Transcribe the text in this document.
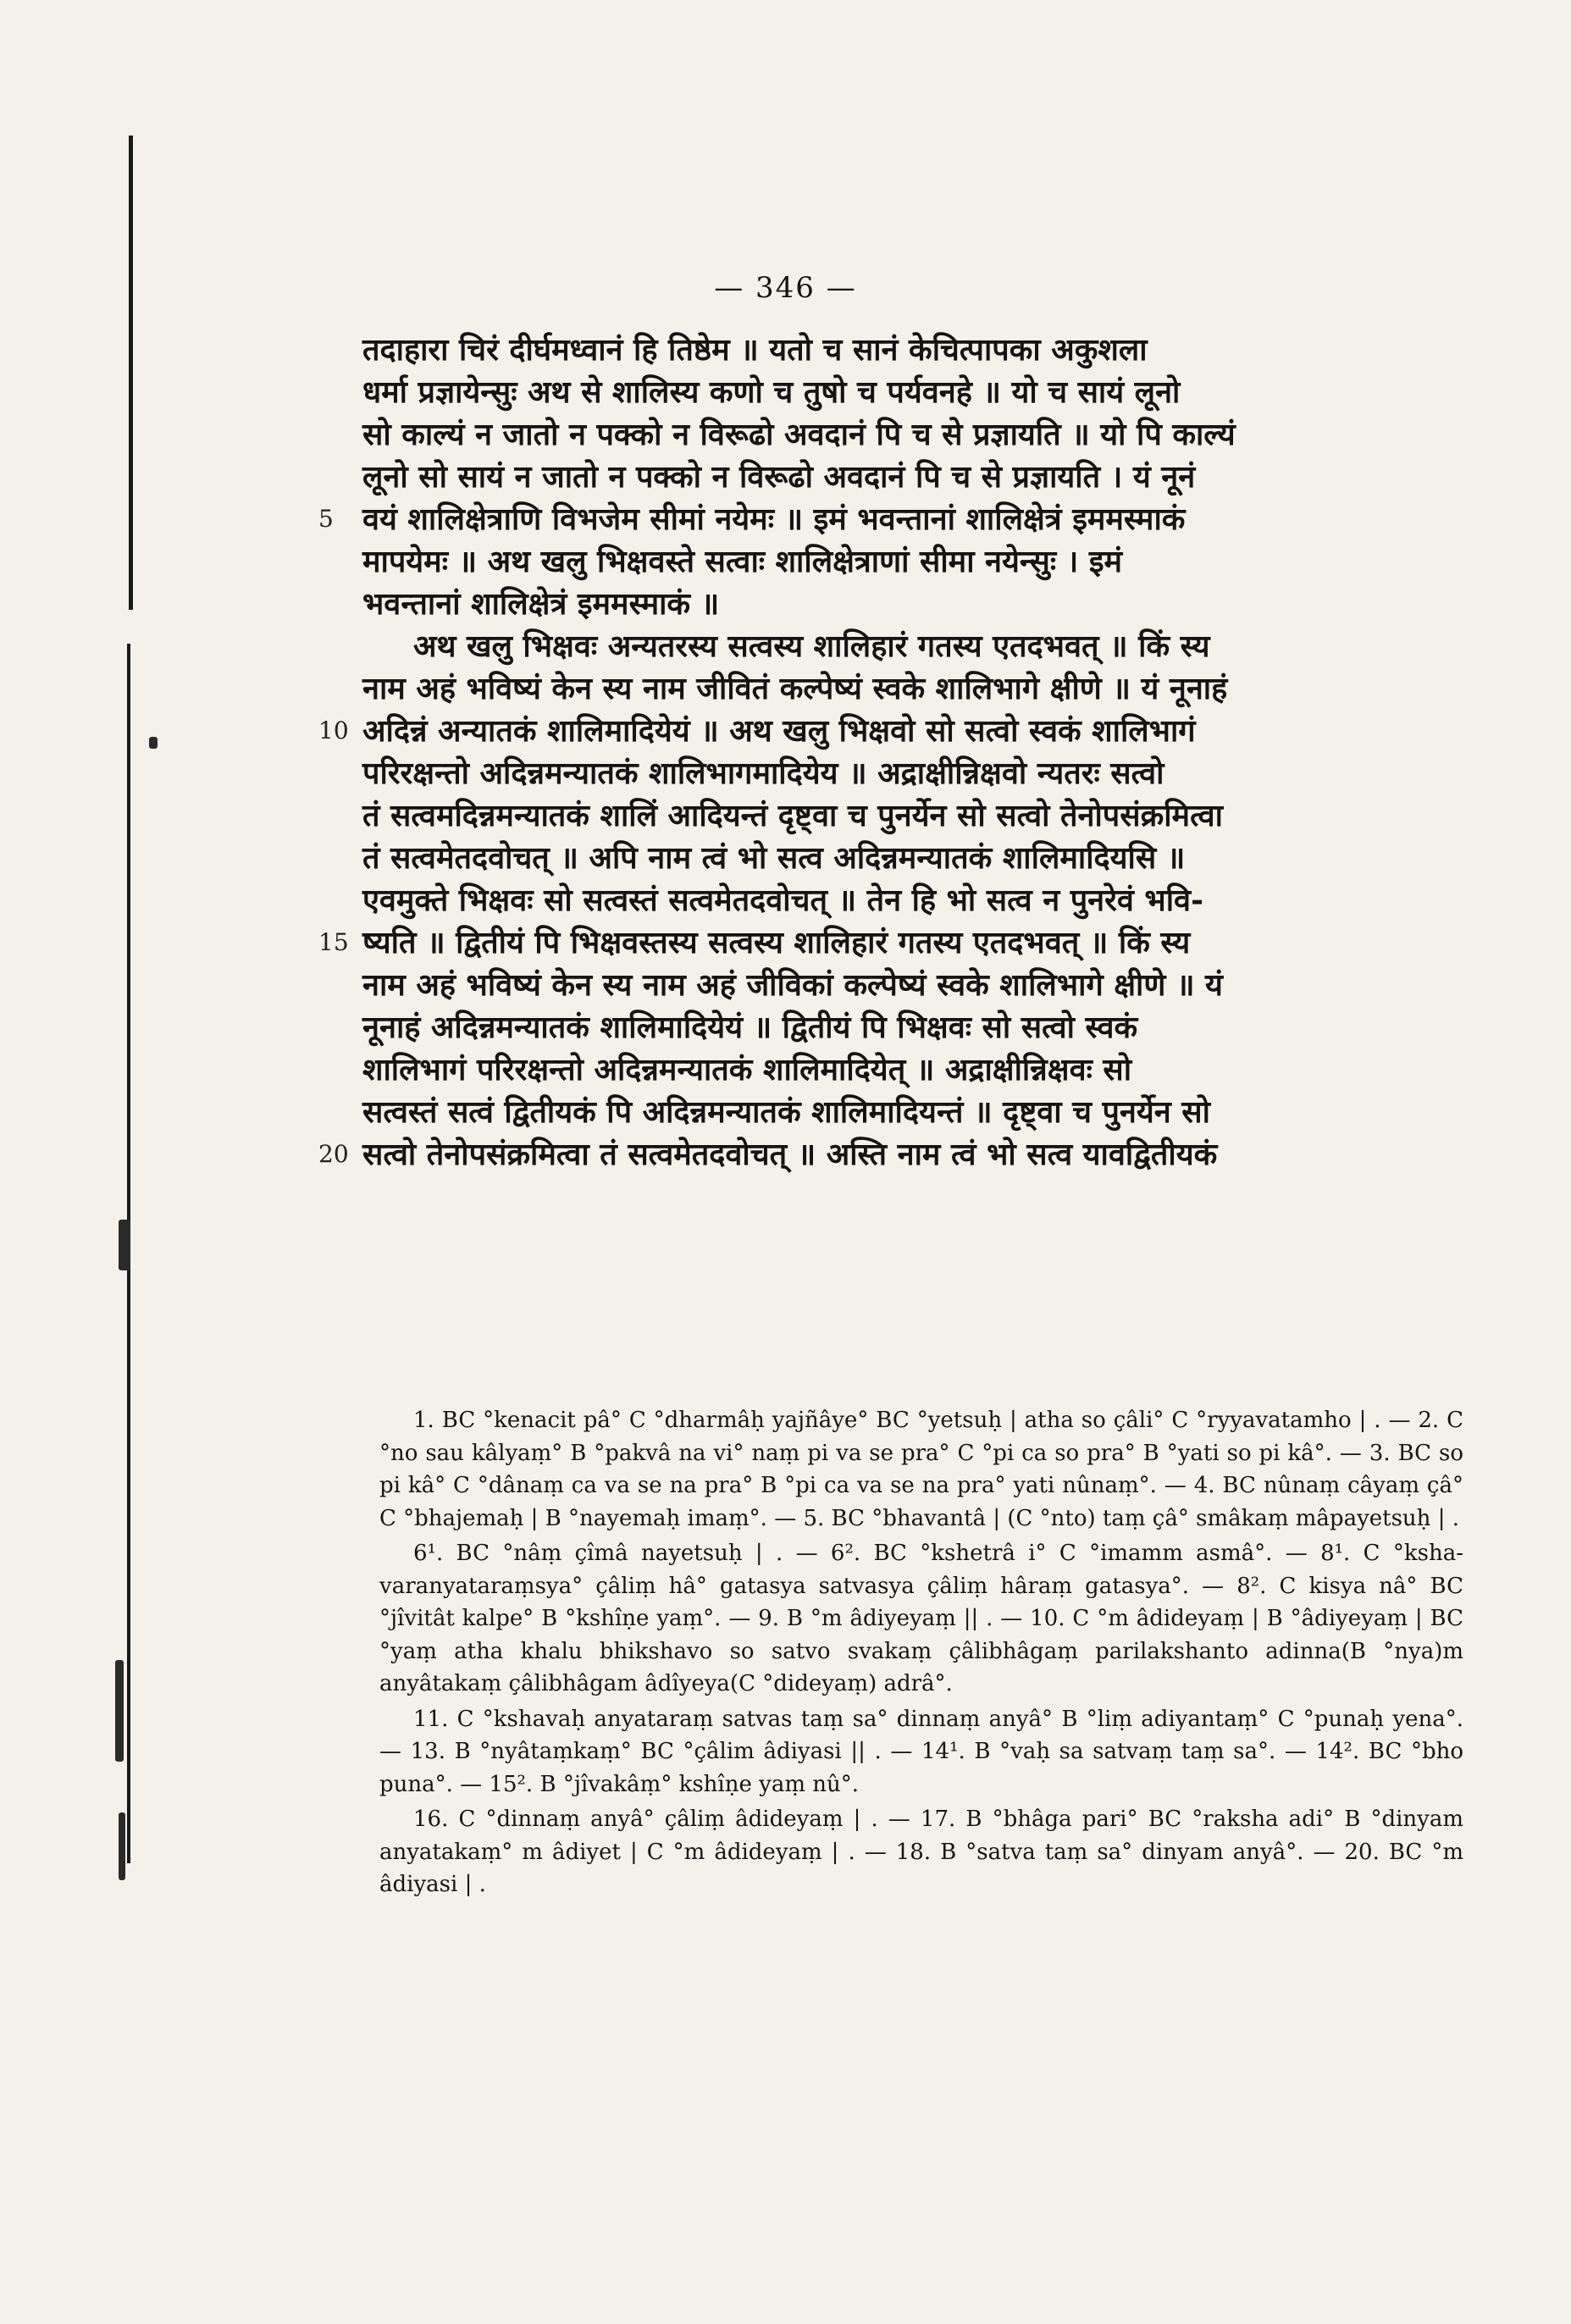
— 346 —
तदाहारा चिरं दीर्घमध्वानं हि तिष्ठेम ॥ यतो च सानं केचित्पापका अकुशला
धर्मा प्रज्ञायेन्सुः अथ से शालिस्य कणो च तुषो च पर्यवनहे ॥ यो च सायं लूनो
सो काल्यं न जातो न पक्को न विरूढो अवदानं पि च से प्रज्ञायति ॥ यो पि काल्यं
लूनो सो सायं न जातो न पक्को न विरूढो अवदानं पि च से प्रज्ञायति । यं नूनं
5 वयं शालिक्षेत्राणि विभजेम सीमां नयेमः ॥ इमं भवन्तानां शालिक्षेत्रं इममस्माकं
मापयेमः ॥ अथ खलु भिक्षवस्ते सत्वाः शालिक्षेत्राणां सीमा नयेन्सुः । इमं
भवन्तानां शालिक्षेत्रं इममस्माकं ॥
अथ खलु भिक्षवः अन्यतरस्य सत्वस्य शालिहारं गतस्य एतदभवत् ॥ किं स्य
नाम अहं भविष्यं केन स्य नाम जीवितं कल्पेष्यं स्वके शालिभागे क्षीणे ॥ यं नूनाहं
10 अदिन्नं अन्यातकं शालिमादियेयं ॥ अथ खलु भिक्षवो सो सत्वो स्वकं शालिभागं
परिरक्षन्तो अदिन्नमन्यातकं शालिभागमादियेय ॥ अद्राक्षीन्निक्षवो न्यतरः सत्वो
तं सत्वमदिन्नमन्यातकं शालिं आदियन्तं दृष्ट्वा च पुनर्येन सो सत्वो तेनोपसंक्रमित्वा
तं सत्वमेतदवोचत् ॥ अपि नाम त्वं भो सत्व अदिन्नमन्यातकं शालिमादियसि ॥
एवमुक्ते भिक्षवः सो सत्वस्तं सत्वमेतदवोचत् ॥ तेन हि भो सत्व न पुनरेवं भवि-
15 ष्यति ॥ द्वितीयं पि भिक्षवस्तस्य सत्वस्य शालिहारं गतस्य एतदभवत् ॥ किं स्य
नाम अहं भविष्यं केन स्य नाम अहं जीविकां कल्पेष्यं स्वके शालिभागे क्षीणे ॥ यं
नूनाहं अदिन्नमन्यातकं शालिमादियेयं ॥ द्वितीयं पि भिक्षवः सो सत्वो स्वकं
शालिभागं परिरक्षन्तो अदिन्नमन्यातकं शालिमादियेत् ॥ अद्राक्षीन्निक्षवः सो
सत्वस्तं सत्वं द्वितीयकं पि अदिन्नमन्यातकं शालिमादियन्तं ॥ दृष्ट्वा च पुनर्येन सो
20 सत्वो तेनोपसंक्रमित्वा तं सत्वमेतदवोचत् ॥ अस्ति नाम त्वं भो सत्व यावद्वितीयकं

1. BC °kenacit pâ° C °dharmâḥ yajñâye° BC °yetsuḥ | atha so çâli° C °ryyavatamho | . — 2. C °no sau kâlyaṃ° B °pakvâ na vi° naṃ pi va se pra° C °pi ca so pra° B °yati so pi kâ°. — 3. BC so pi kâ° C °dânaṃ ca va se na pra° B °pi ca va se na pra° yati nûnaṃ°. — 4. BC nûnaṃ câyaṃ çâ° C °bhajemaḥ | B °nayemaḥ imaṃ°. — 5. BC °bhavantâ | (C °nto) taṃ çâ° smâkaṃ mâpayetsuḥ | .

6¹. BC °nâṃ çîmâ nayetsuḥ | . — 6². BC °kshetrâ i° C °imamm asmâ°. — 8¹. C °ksha-varanyataraṃsya° çâliṃ hâ° gatasya satvasya çâliṃ hâraṃ gatasya°. — 8². C kisya nâ° BC °jîvitât kalpe° B °kshîṇe yaṃ°. — 9. B °m âdiyeyaṃ || . — 10. C °m âdideyaṃ | B °âdiyeyaṃ | BC °yaṃ atha khalu bhikshavo so satvo svakaṃ çâlibhâgaṃ parilakshanto adinna(B °nya)m anyâtakaṃ çâlibhâgam âdîyeya(C °dideyaṃ) adrâ°.

11. C °kshavaḥ anyataraṃ satvas taṃ sa° dinnaṃ anyâ° B °liṃ adiyantaṃ° C °punaḥ yena°. — 13. B °nyâtaṃkaṃ° BC °çâlim âdiyasi || . — 14¹. B °vaḥ sa satvaṃ taṃ sa°. — 14². BC °bho puna°. — 15². B °jîvakâṃ° kshîṇe yaṃ nû°.

16. C °dinnaṃ anyâ° çâliṃ âdideyaṃ | . — 17. B °bhâga pari° BC °raksha adi° B °dinyam anyatakaṃ° m âdiyet | C °m âdideyaṃ | . — 18. B °satva taṃ sa° dinyam anyâ°. — 20. BC °m âdiyasi | .
